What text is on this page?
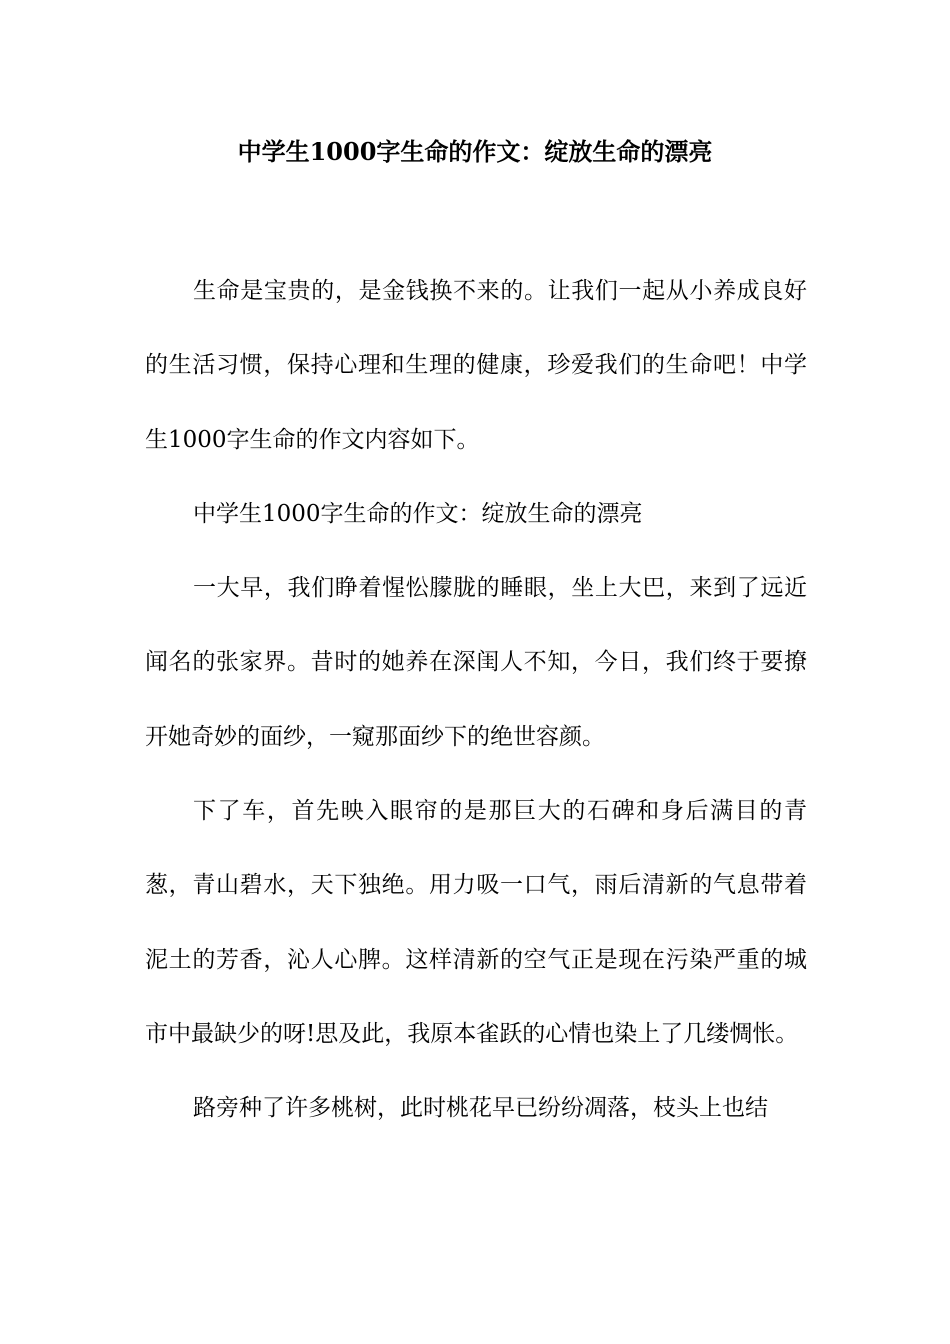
中学生1000字生命的作文：绽放生命的漂亮

生命是宝贵的，是金钱换不来的。让我们一起从小养成良好的生活习惯，保持心理和生理的健康，珍爱我们的生命吧！中学生1000字生命的作文内容如下。

中学生1000字生命的作文：绽放生命的漂亮

一大早，我们睁着惺忪朦胧的睡眼，坐上大巴，来到了远近闻名的张家界。昔时的她养在深闺人不知，今日，我们终于要撩开她奇妙的面纱，一窥那面纱下的绝世容颜。

下了车，首先映入眼帘的是那巨大的石碑和身后满目的青葱，青山碧水，天下独绝。用力吸一口气，雨后清新的气息带着泥土的芳香，沁人心脾。这样清新的空气正是现在污染严重的城市中最缺少的呀!思及此，我原本雀跃的心情也染上了几缕惆怅。

路旁种了许多桃树，此时桃花早已纷纷凋落，枝头上也结
